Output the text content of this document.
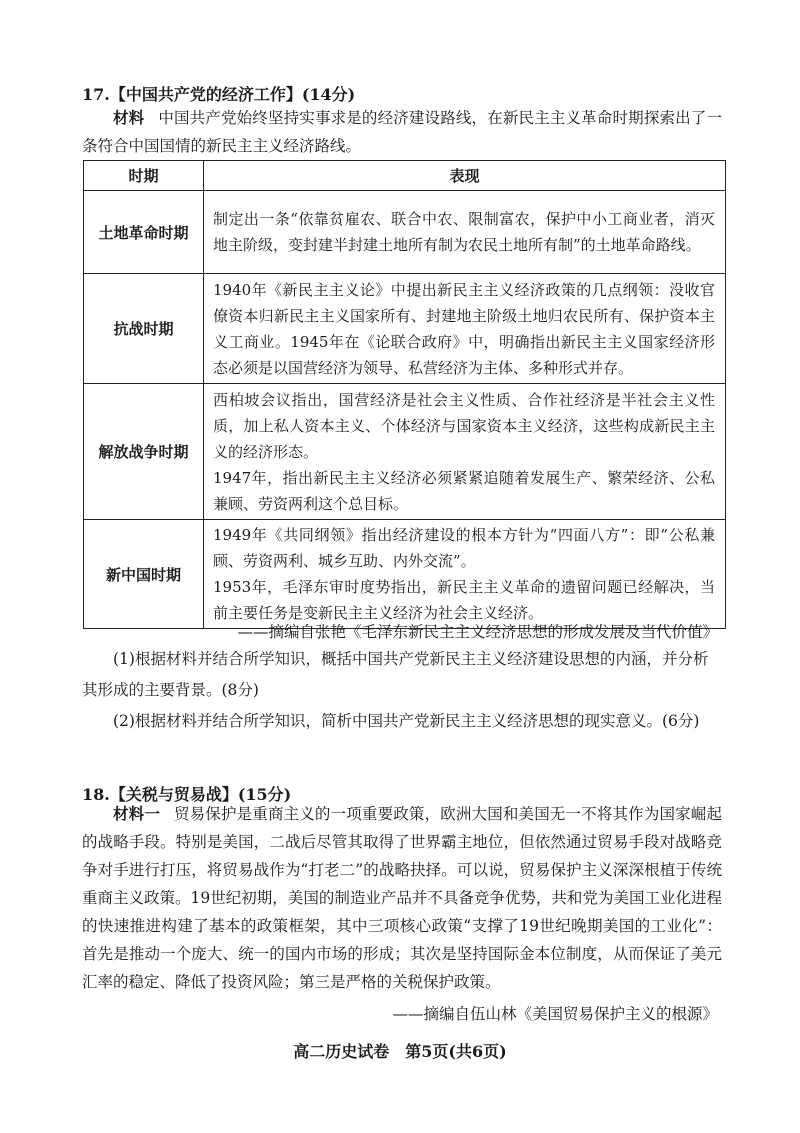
17.【中国共产党的经济工作】(14分)
材料 中国共产党始终坚持实事求是的经济建设路线，在新民主主义革命时期探索出了一条符合中国国情的新民主主义经济路线。
时期	表现
土地革命时期	制定出一条“依靠贫雇农、联合中农、限制富农，保护中小工商业者，消灭地主阶级，变封建半封建土地所有制为农民土地所有制”的土地革命路线。

抗战时期	1940年《新民主主义论》中提出新民主主义经济政策的几点纲领：没收官僚资本归新民主主义国家所有、封建地主阶级土地归农民所有、保护资本主义工商业。1945年在《论联合政府》中，明确指出新民主主义国家经济形态必须是以国营经济为领导、私营经济为主体、多种形式并存。

解放战争时期	西柏坡会议指出，国营经济是社会主义性质、合作社经济是半社会主义性质，加上私人资本主义、个体经济与国家资本主义经济，这些构成新民主主义的经济形态。

1947年，指出新民主主义经济必须紧紧追随着发展生产、繁荣经济、公私兼顾、劳资两利这个总目标。

新中国时期	1949年《共同纲领》指出经济建设的根本方针为“四面八方”：即“公私兼顾、劳资两利、城乡互助、内外交流”。

1953年，毛泽东审时度势指出，新民主主义革命的遗留问题已经解决，当前主要任务是变新民主主义经济为社会主义经济。

——摘编自张艳《毛泽东新民主主义经济思想的形成发展及当代价值》
(1)根据材料并结合所学知识，概括中国共产党新民主主义经济建设思想的内涵，并分析其形成的主要背景。(8分)
(2)根据材料并结合所学知识，简析中国共产党新民主主义经济思想的现实意义。(6分)
18.【关税与贸易战】(15分)
材料一 贸易保护是重商主义的一项重要政策，欧洲大国和美国无一不将其作为国家崛起的战略手段。特别是美国，二战后尽管其取得了世界霸主地位，但依然通过贸易手段对战略竞争对手进行打压，将贸易战作为“打老二”的战略抉择。可以说，贸易保护主义深深根植于传统重商主义政策。19世纪初期，美国的制造业产品并不具备竞争优势，共和党为美国工业化进程的快速推进构建了基本的政策框架，其中三项核心政策“支撑了19世纪晚期美国的工业化”：首先是推动一个庞大、统一的国内市场的形成；其次是坚持国际金本位制度，从而保证了美元汇率的稳定、降低了投资风险；第三是严格的关税保护政策。
——摘编自伍山林《美国贸易保护主义的根源》
高二历史试卷　第5页(共6页)
